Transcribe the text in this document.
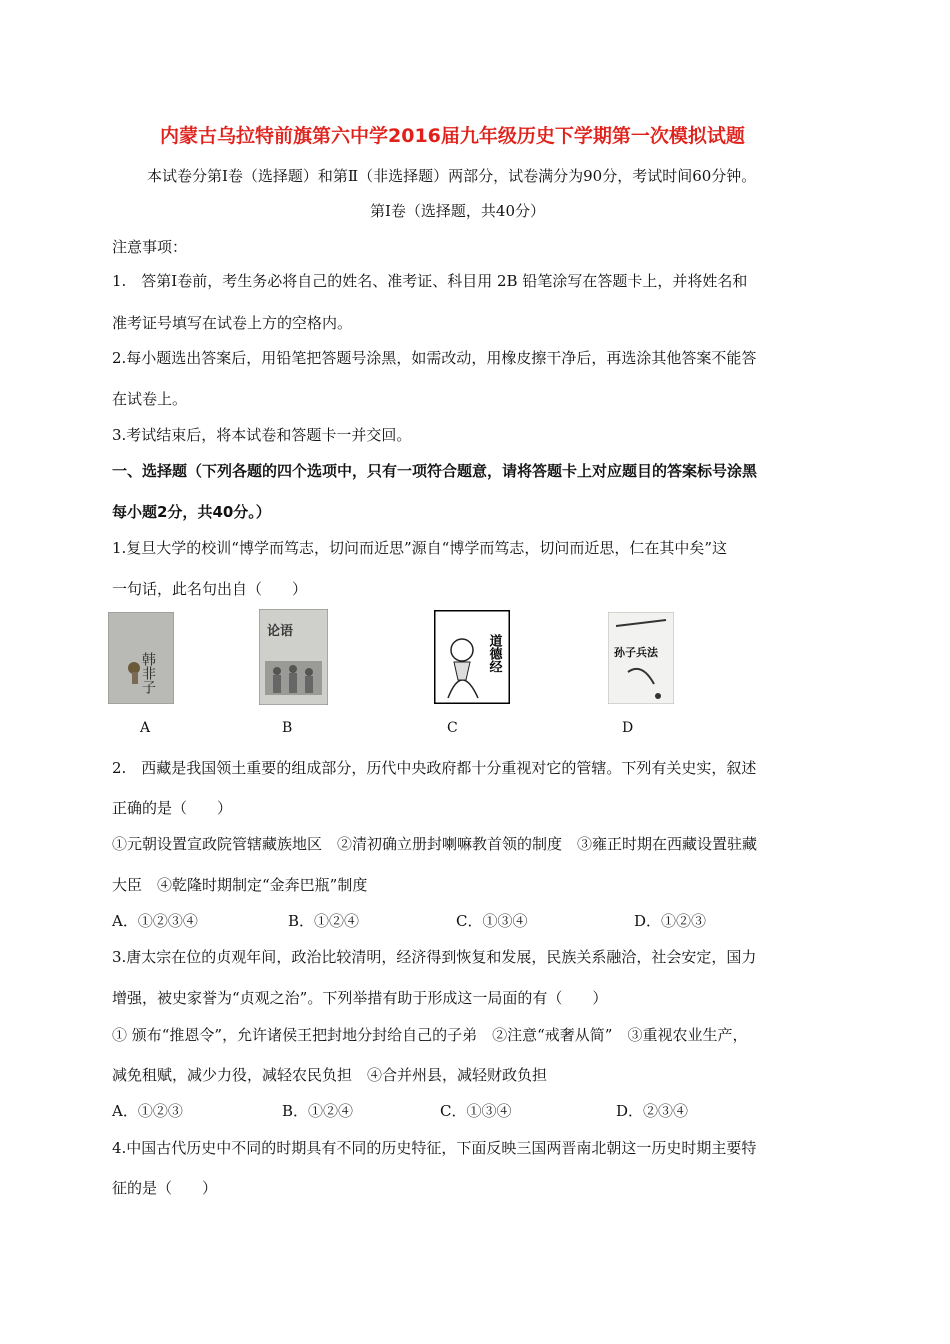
内蒙古乌拉特前旗第六中学2016届九年级历史下学期第一次模拟试题
本试卷分第Ⅰ卷（选择题）和第Ⅱ（非选择题）两部分，试卷满分为90分，考试时间60分钟。
第Ⅰ卷（选择题，共40分）
注意事项：
1.　答第Ⅰ卷前，考生务必将自己的姓名、准考证、科目用 2B 铅笔涂写在答题卡上，并将姓名和
准考证号填写在试卷上方的空格内。
2.每小题选出答案后，用铅笔把答题号涂黑，如需改动，用橡皮擦干净后，再选涂其他答案不能答
在试卷上。
3.考试结束后，将本试卷和答题卡一并交回。
一、选择题（下列各题的四个选项中，只有一项符合题意，请将答题卡上对应题目的答案标号涂黑
每小题2分，共40分。）
1.复旦大学的校训“博学而笃志，切问而近思”源自“博学而笃志，切问而近思，仁在其中矣”这
一句话，此名句出自（　　）
韩非子
A
论语
B
道德经
C
孙子兵法
D
2.　西藏是我国领土重要的组成部分，历代中央政府都十分重视对它的管辖。下列有关史实，叙述
正确的是（　　）
①元朝设置宣政院管辖藏族地区　②清初确立册封喇嘛教首领的制度　③雍正时期在西藏设置驻藏
大臣　④乾隆时期制定“金奔巴瓶”制度
A．①②③④	B．①②④	C．①③④	D．①②③
3.唐太宗在位的贞观年间，政治比较清明，经济得到恢复和发展，民族关系融洽，社会安定，国力
增强，被史家誉为“贞观之治”。下列举措有助于形成这一局面的有（　　）
① 颁布“推恩令”，允许诸侯王把封地分封给自己的子弟　②注意“戒奢从简”　③重视农业生产，
减免租赋，减少力役，减轻农民负担　④合并州县，减轻财政负担
A．①②③	B．①②④	C．①③④	D．②③④
4.中国古代历史中不同的时期具有不同的历史特征，下面反映三国两晋南北朝这一历史时期主要特
征的是（　　）
